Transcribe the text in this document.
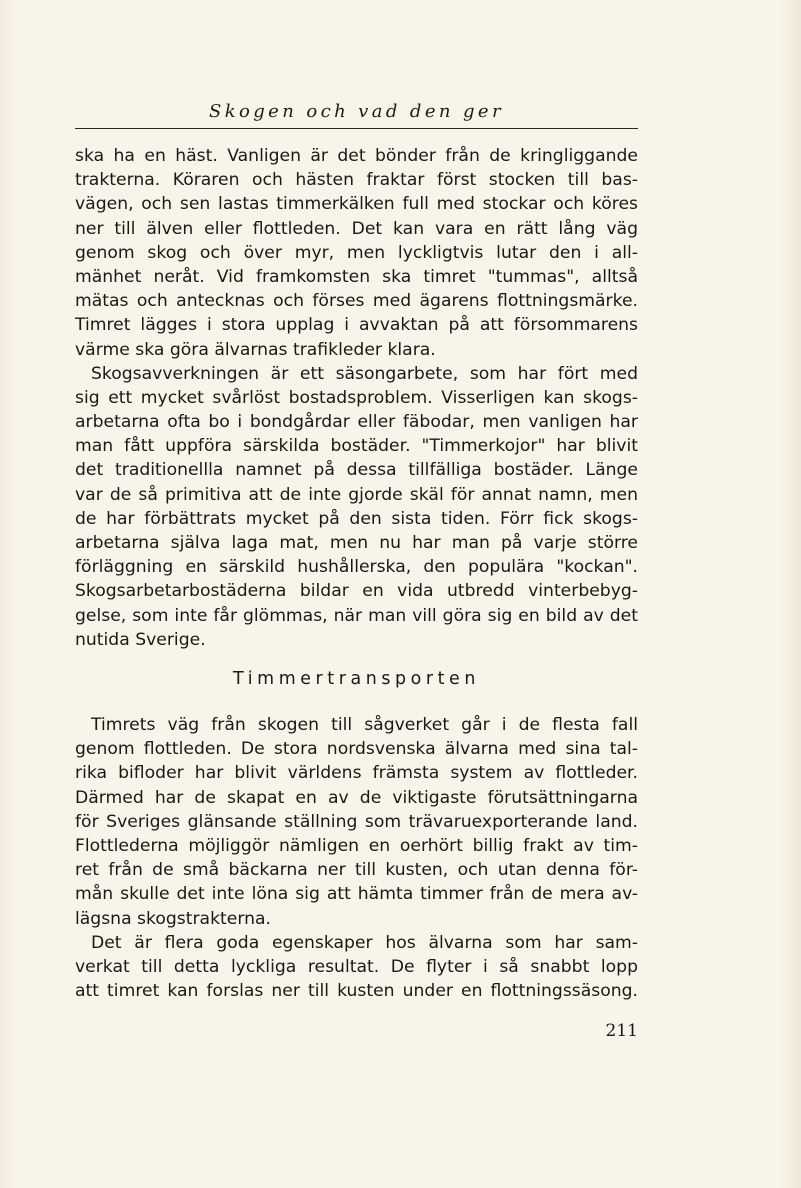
Skogen och vad den ger
ska ha en häst. Vanligen är det bönder från de kringliggande
trakterna. Köraren och hästen fraktar först stocken till bas-
vägen, och sen lastas timmerkälken full med stockar och köres
ner till älven eller flottleden. Det kan vara en rätt lång väg
genom skog och över myr, men lyckligtvis lutar den i all-
mänhet neråt. Vid framkomsten ska timret "tummas", alltså
mätas och antecknas och förses med ägarens flottningsmärke.
Timret lägges i stora upplag i avvaktan på att försommarens
värme ska göra älvarnas trafikleder klara.
Skogsavverkningen är ett säsongarbete, som har fört med
sig ett mycket svårlöst bostadsproblem. Visserligen kan skogs-
arbetarna ofta bo i bondgårdar eller fäbodar, men vanligen har
man fått uppföra särskilda bostäder. "Timmerkojor" har blivit
det traditionellla namnet på dessa tillfälliga bostäder. Länge
var de så primitiva att de inte gjorde skäl för annat namn, men
de har förbättrats mycket på den sista tiden. Förr fick skogs-
arbetarna själva laga mat, men nu har man på varje större
förläggning en särskild hushållerska, den populära "kockan".
Skogsarbetarbostäderna bildar en vida utbredd vinterbebyg-
gelse, som inte får glömmas, när man vill göra sig en bild av det
nutida Sverige.
Timmertransporten
Timrets väg från skogen till sågverket går i de flesta fall
genom flottleden. De stora nordsvenska älvarna med sina tal-
rika bifloder har blivit världens främsta system av flottleder.
Därmed har de skapat en av de viktigaste förutsättningarna
för Sveriges glänsande ställning som trävaruexporterande land.
Flottlederna möjliggör nämligen en oerhört billig frakt av tim-
ret från de små bäckarna ner till kusten, och utan denna för-
mån skulle det inte löna sig att hämta timmer från de mera av-
lägsna skogstrakterna.
Det är flera goda egenskaper hos älvarna som har sam-
verkat till detta lyckliga resultat. De flyter i så snabbt lopp
att timret kan forslas ner till kusten under en flottningssäsong.
211
